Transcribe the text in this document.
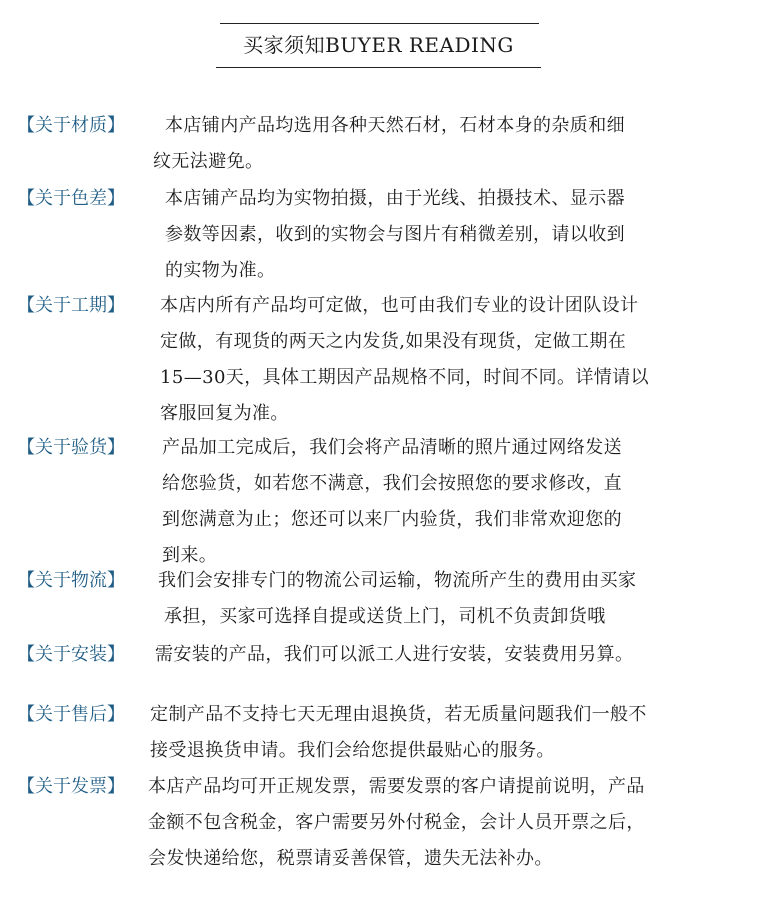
买家须知BUYER READING
【关于材质】 本店铺内产品均选用各种天然石材，石材本身的杂质和细
纹无法避免。
【关于色差】 本店铺产品均为实物拍摄，由于光线、拍摄技术、显示器
参数等因素，收到的实物会与图片有稍微差别，请以收到
的实物为准。
【关于工期】 本店内所有产品均可定做，也可由我们专业的设计团队设计
定做，有现货的两天之内发货,如果没有现货，定做工期在
15—30天，具体工期因产品规格不同，时间不同。详情请以
客服回复为准。
【关于验货】 产品加工完成后，我们会将产品清晰的照片通过网络发送
给您验货，如若您不满意，我们会按照您的要求修改，直
到您满意为止；您还可以来厂内验货，我们非常欢迎您的
到来。
【关于物流】 我们会安排专门的物流公司运输，物流所产生的费用由买家
承担，买家可选择自提或送货上门，司机不负责卸货哦
【关于安装】 需安装的产品，我们可以派工人进行安装，安装费用另算。
【关于售后】 定制产品不支持七天无理由退换货，若无质量问题我们一般不
接受退换货申请。我们会给您提供最贴心的服务。
【关于发票】 本店产品均可开正规发票，需要发票的客户请提前说明，产品
金额不包含税金，客户需要另外付税金，会计人员开票之后，
会发快递给您，税票请妥善保管，遗失无法补办。
